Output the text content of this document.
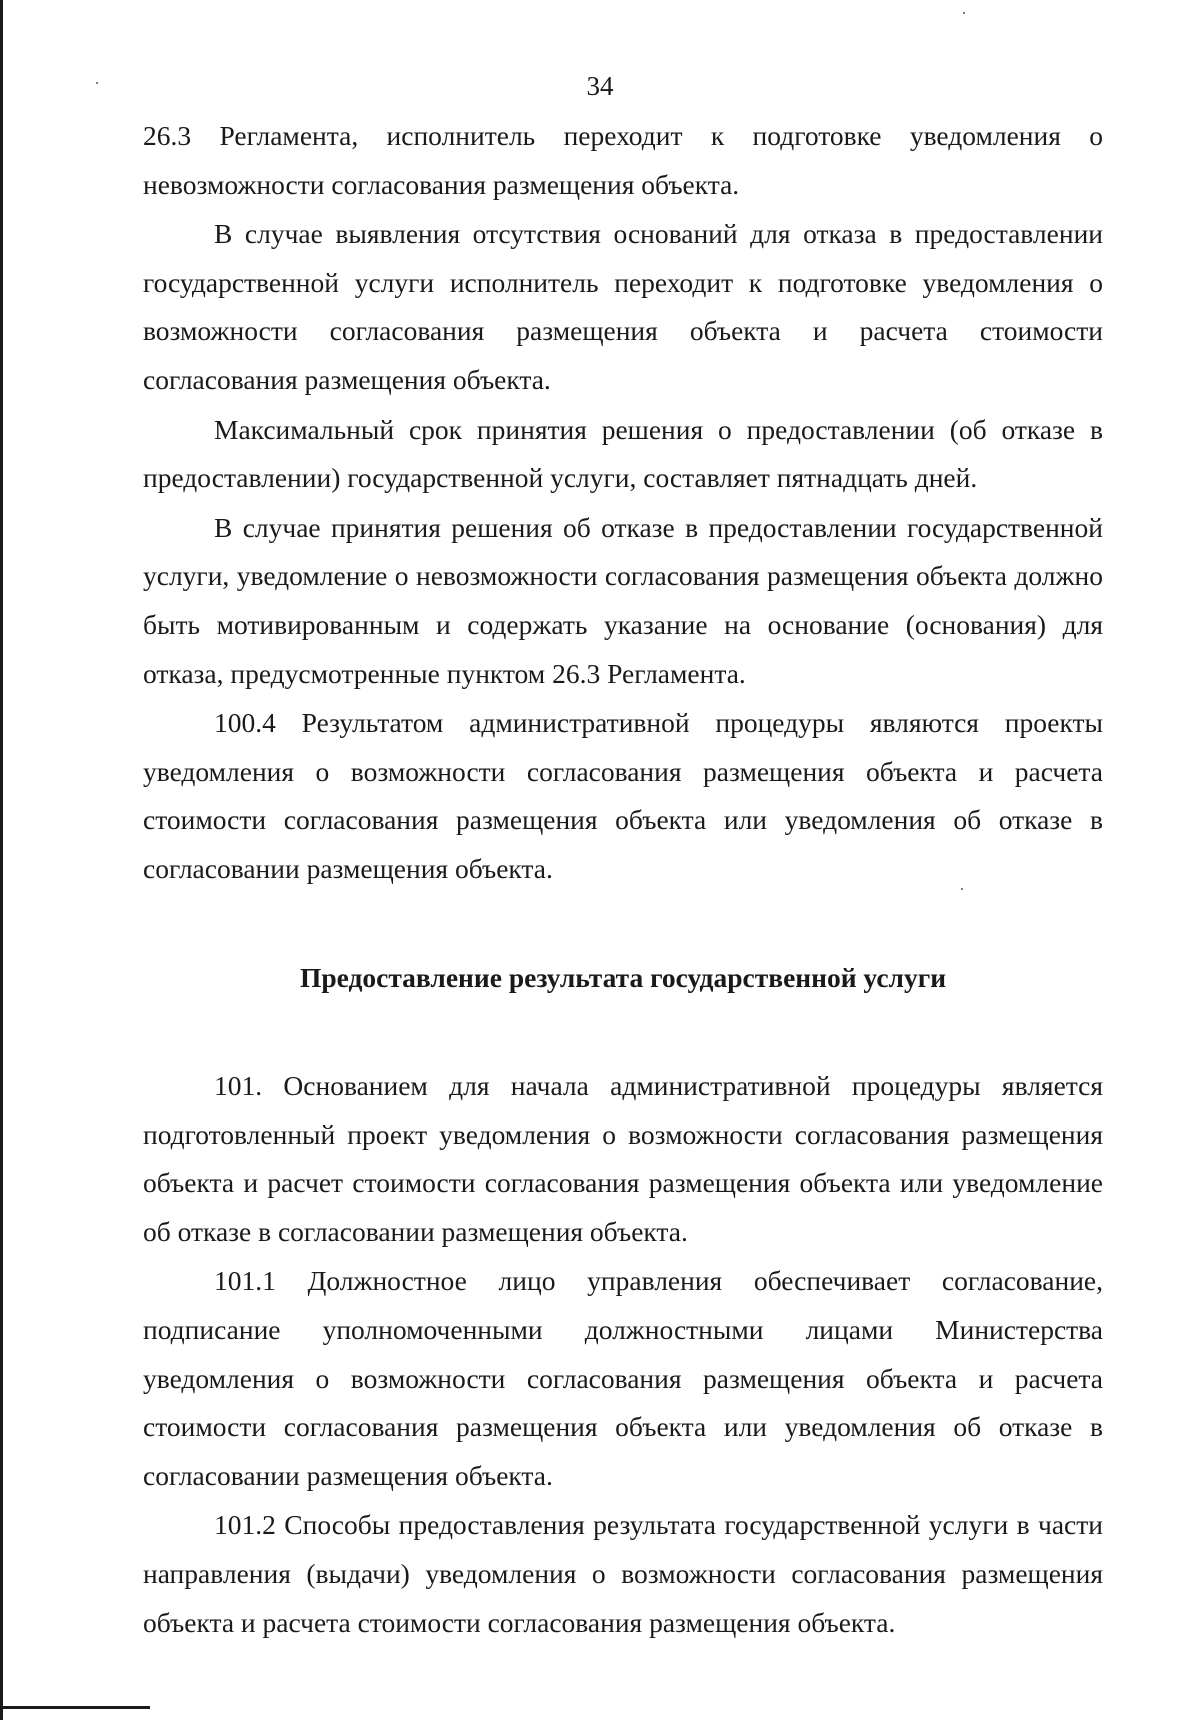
34

26.3 Регламента, исполнитель переходит к подготовке уведомления о невозможности согласования размещения объекта.

В случае выявления отсутствия оснований для отказа в предоставлении государственной услуги исполнитель переходит к подготовке уведомления о возможности согласования размещения объекта и расчета стоимости согласования размещения объекта.

Максимальный срок принятия решения о предоставлении (об отказе в предоставлении) государственной услуги, составляет пятнадцать дней.

В случае принятия решения об отказе в предоставлении государственной услуги, уведомление о невозможности согласования размещения объекта должно быть мотивированным и содержать указание на основание (основания) для отказа, предусмотренные пунктом 26.3 Регламента.

100.4 Результатом административной процедуры являются проекты уведомления о возможности согласования размещения объекта и расчета стоимости согласования размещения объекта или уведомления об отказе в согласовании размещения объекта.

Предоставление результата государственной услуги

101. Основанием для начала административной процедуры является подготовленный проект уведомления о возможности согласования размещения объекта и расчет стоимости согласования размещения объекта или уведомление об отказе в согласовании размещения объекта.

101.1 Должностное лицо управления обеспечивает согласование, подписание уполномоченными должностными лицами Министерства уведомления о возможности согласования размещения объекта и расчета стоимости согласования размещения объекта или уведомления об отказе в согласовании размещения объекта.

101.2 Способы предоставления результата государственной услуги в части направления (выдачи) уведомления о возможности согласования размещения объекта и расчета стоимости согласования размещения объекта.
